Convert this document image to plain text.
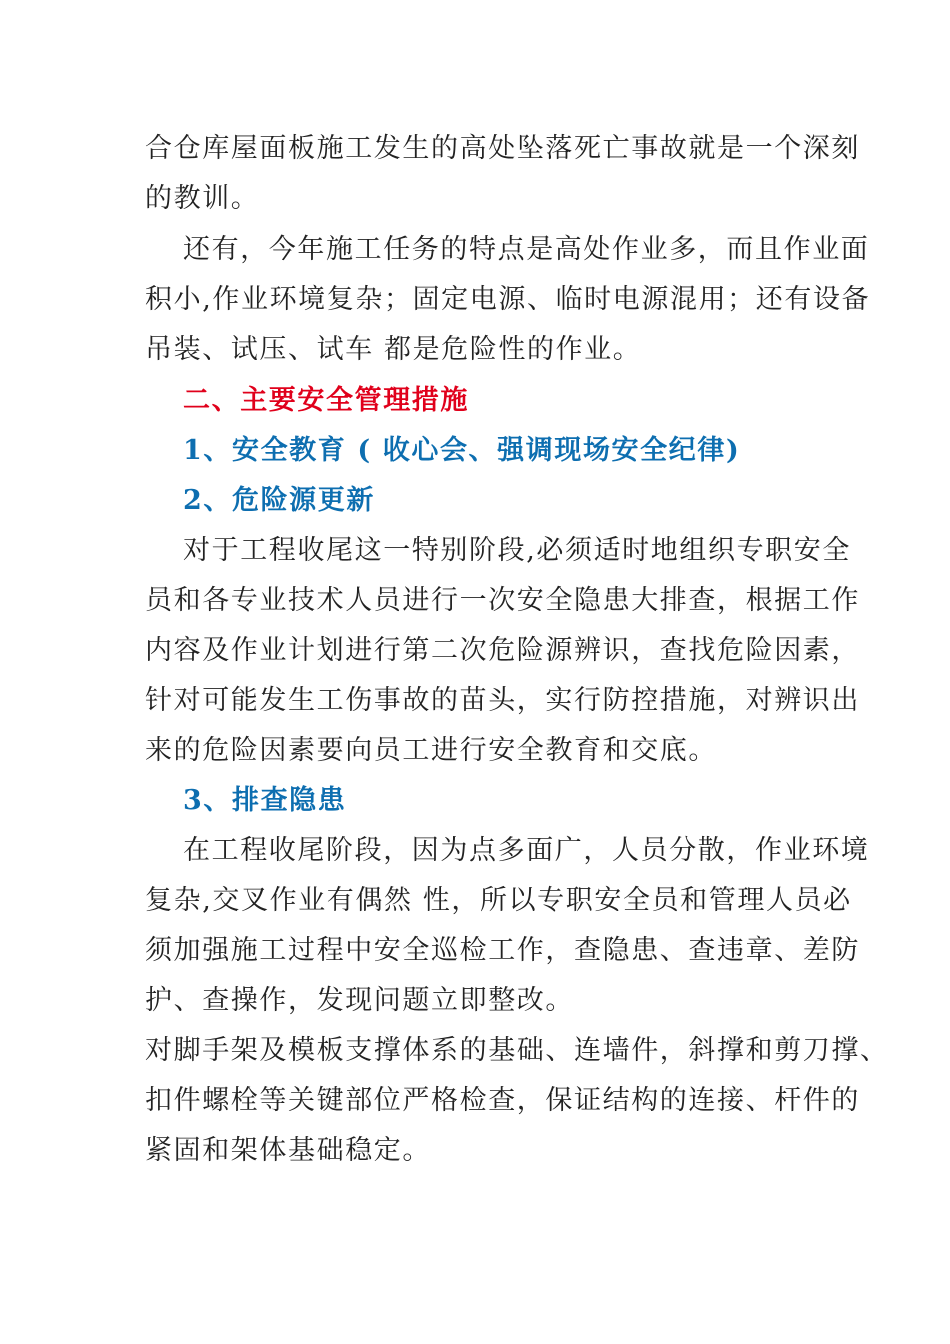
合仓库屋面板施工发生的高处坠落死亡事故就是一个深刻
的教训。
还有，今年施工任务的特点是高处作业多，而且作业面
积小,作业环境复杂；固定电源、临时电源混用；还有设备
吊装、试压、试车 都是危险性的作业。
二、主要安全管理措施
1、安全教育 ( 收心会、强调现场安全纪律)
2、危险源更新
对于工程收尾这一特别阶段,必须适时地组织专职安全
员和各专业技术人员进行一次安全隐患大排查，根据工作
内容及作业计划进行第二次危险源辨识，查找危险因素，
针对可能发生工伤事故的苗头，实行防控措施，对辨识出
来的危险因素要向员工进行安全教育和交底。
3、排查隐患
在工程收尾阶段，因为点多面广，人员分散，作业环境
复杂,交叉作业有偶然 性，所以专职安全员和管理人员必
须加强施工过程中安全巡检工作，查隐患、查违章、差防
护、查操作，发现问题立即整改。
对脚手架及模板支撑体系的基础、连墙件，斜撑和剪刀撑、
扣件螺栓等关键部位严格检查，保证结构的连接、杆件的
紧固和架体基础稳定。
